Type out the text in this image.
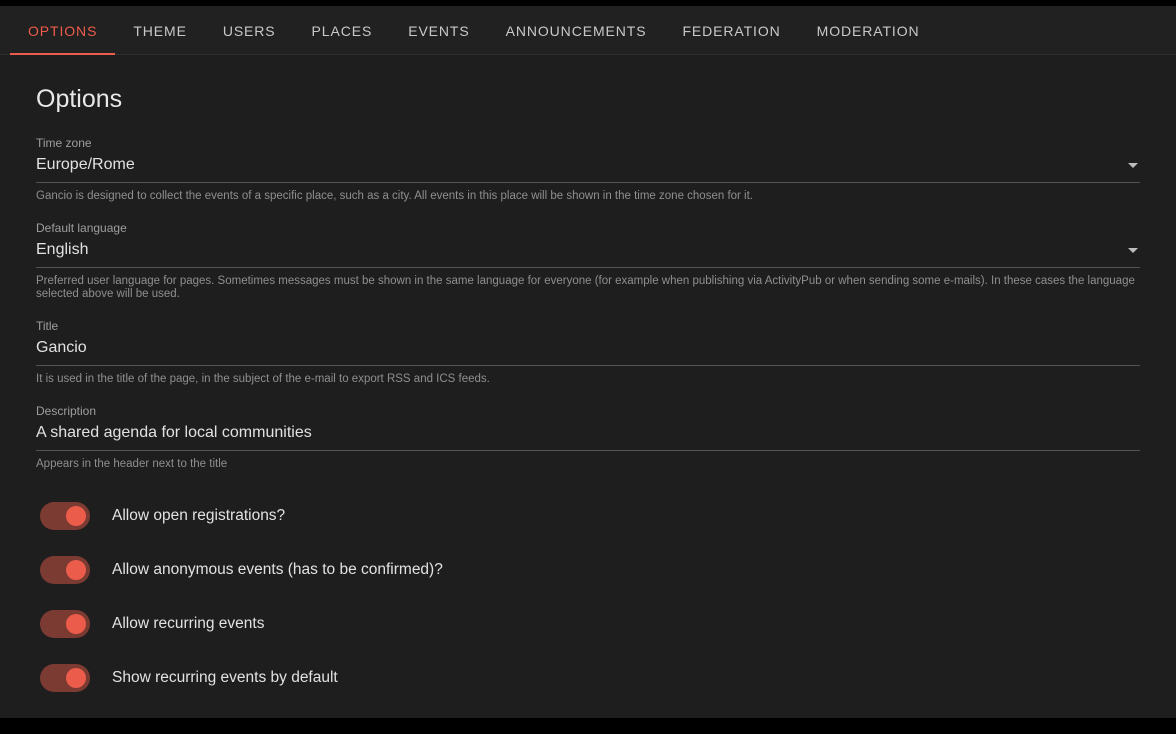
OPTIONS	THEME	USERS	PLACES	EVENTS	ANNOUNCEMENTS	FEDERATION	MODERATION
Options
Time zone
Europe/Rome
Gancio is designed to collect the events of a specific place, such as a city. All events in this place will be shown in the time zone chosen for it.
Default language
English
Preferred user language for pages. Sometimes messages must be shown in the same language for everyone (for example when publishing via ActivityPub or when sending some e-mails). In these cases the language selected above will be used.
Title
Gancio
It is used in the title of the page, in the subject of the e-mail to export RSS and ICS feeds.
Description
A shared agenda for local communities
Appears in the header next to the title
Allow open registrations?
Allow anonymous events (has to be confirmed)?
Allow recurring events
Show recurring events by default
